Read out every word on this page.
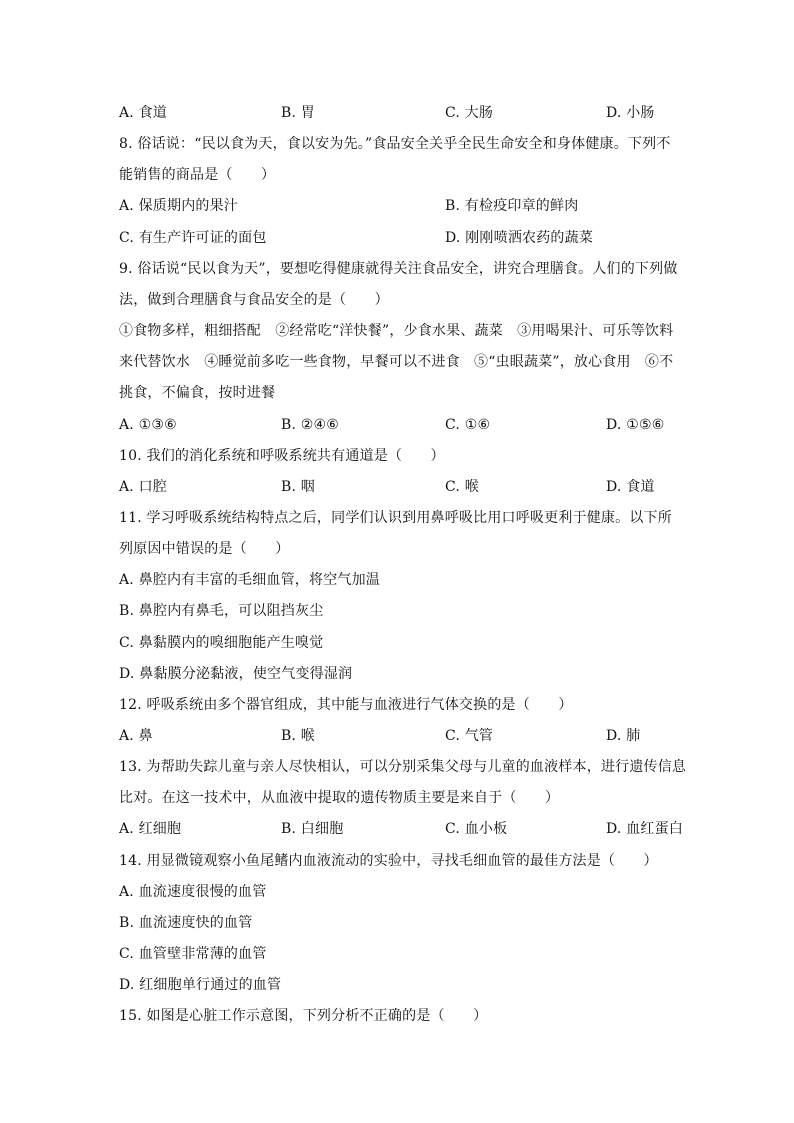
A. 食道	B. 胃	C. 大肠	D. 小肠
8. 俗话说：“民以食为天，食以安为先。”食品安全关乎全民生命安全和身体健康。下列不
能销售的商品是（　　）
A. 保质期内的果汁	B. 有检疫印章的鲜肉
C. 有生产许可证的面包	D. 刚刚喷洒农药的蔬菜
9. 俗话说“民以食为天”，要想吃得健康就得关注食品安全，讲究合理膳食。人们的下列做
法，做到合理膳食与食品安全的是（　　）
①食物多样，粗细搭配　②经常吃“洋快餐”，少食水果、蔬菜　③用喝果汁、可乐等饮料
来代替饮水　④睡觉前多吃一些食物，早餐可以不进食　⑤“虫眼蔬菜”，放心食用　⑥不
挑食，不偏食，按时进餐
A. ①③⑥	B. ②④⑥	C. ①⑥	D. ①⑤⑥
10. 我们的消化系统和呼吸系统共有通道是（　　）
A. 口腔	B. 咽	C. 喉	D. 食道
11. 学习呼吸系统结构特点之后，同学们认识到用鼻呼吸比用口呼吸更利于健康。以下所
列原因中错误的是（　　）
A. 鼻腔内有丰富的毛细血管，将空气加温
B. 鼻腔内有鼻毛，可以阻挡灰尘
C. 鼻黏膜内的嗅细胞能产生嗅觉
D. 鼻黏膜分泌黏液，使空气变得湿润
12. 呼吸系统由多个器官组成，其中能与血液进行气体交换的是（　　）
A. 鼻	B. 喉	C. 气管	D. 肺
13. 为帮助失踪儿童与亲人尽快相认，可以分别采集父母与儿童的血液样本，进行遗传信息
比对。在这一技术中，从血液中提取的遗传物质主要是来自于（　　）
A. 红细胞	B. 白细胞	C. 血小板	D. 血红蛋白
14. 用显微镜观察小鱼尾鳍内血液流动的实验中，寻找毛细血管的最佳方法是（　　）
A. 血流速度很慢的血管
B. 血流速度快的血管
C. 血管壁非常薄的血管
D. 红细胞单行通过的血管
15. 如图是心脏工作示意图，下列分析不正确的是（　　）
